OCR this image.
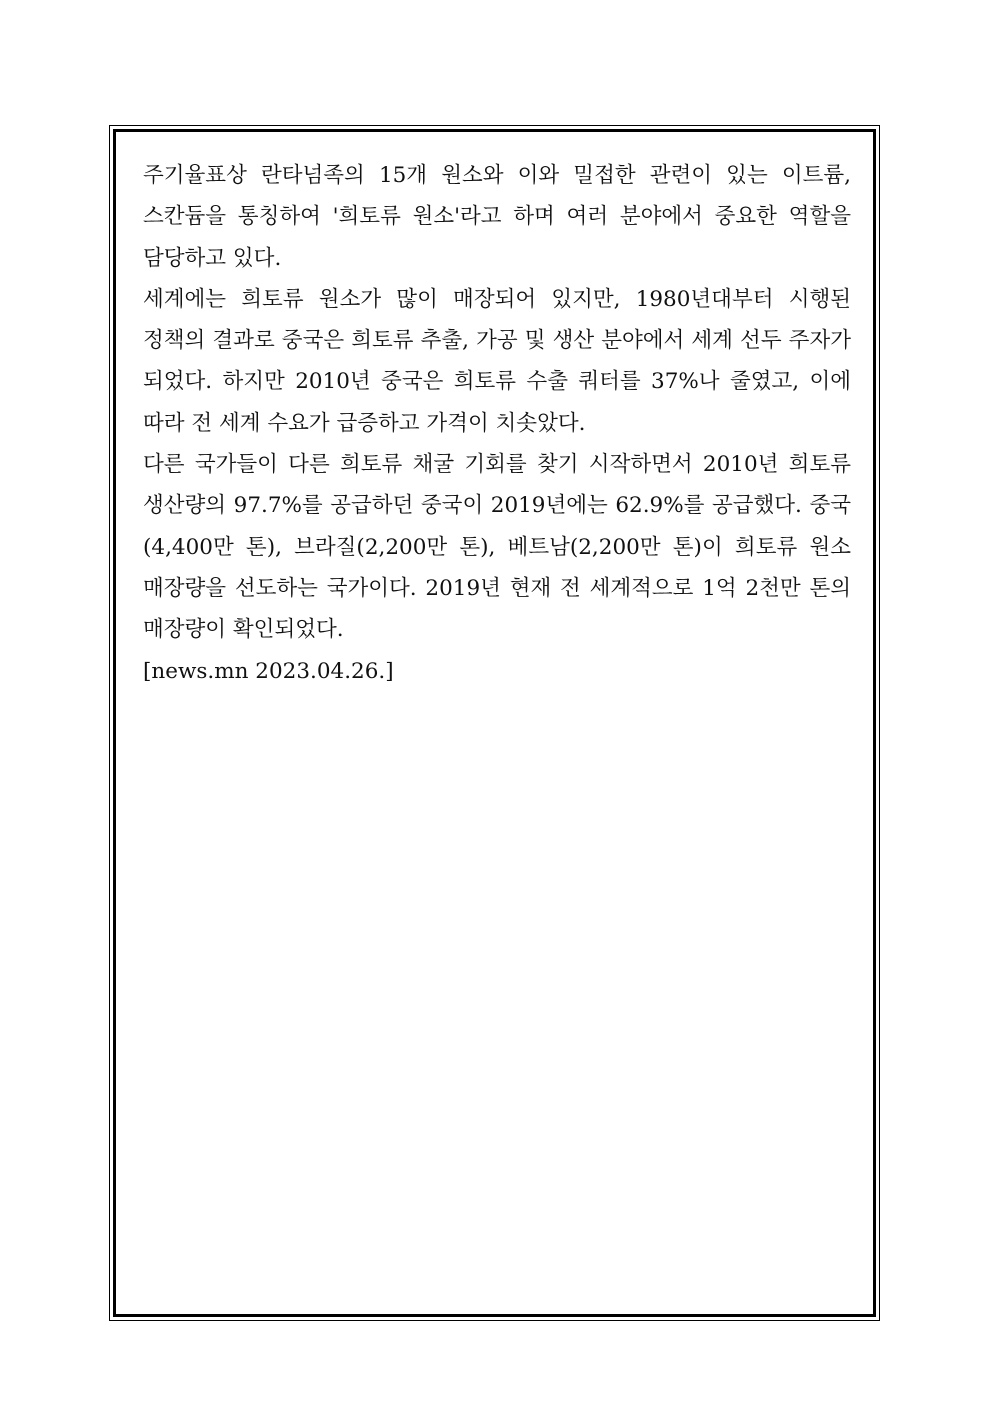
주기율표상 란타넘족의 15개 원소와 이와 밀접한 관련이 있는 이트륨, 스칸듐을 통칭하여 '희토류 원소'라고 하며 여러 분야에서 중요한 역할을 담당하고 있다.

세계에는 희토류 원소가 많이 매장되어 있지만, 1980년대부터 시행된 정책의 결과로 중국은 희토류 추출, 가공 및 생산 분야에서 세계 선두 주자가 되었다. 하지만 2010년 중국은 희토류 수출 쿼터를 37%나 줄였고, 이에 따라 전 세계 수요가 급증하고 가격이 치솟았다.

다른 국가들이 다른 희토류 채굴 기회를 찾기 시작하면서 2010년 희토류 생산량의 97.7%를 공급하던 중국이 2019년에는 62.9%를 공급했다. 중국(4,400만 톤), 브라질(2,200만 톤), 베트남(2,200만 톤)이 희토류 원소 매장량을 선도하는 국가이다. 2019년 현재 전 세계적으로 1억 2천만 톤의 매장량이 확인되었다.

[news.mn 2023.04.26.]
